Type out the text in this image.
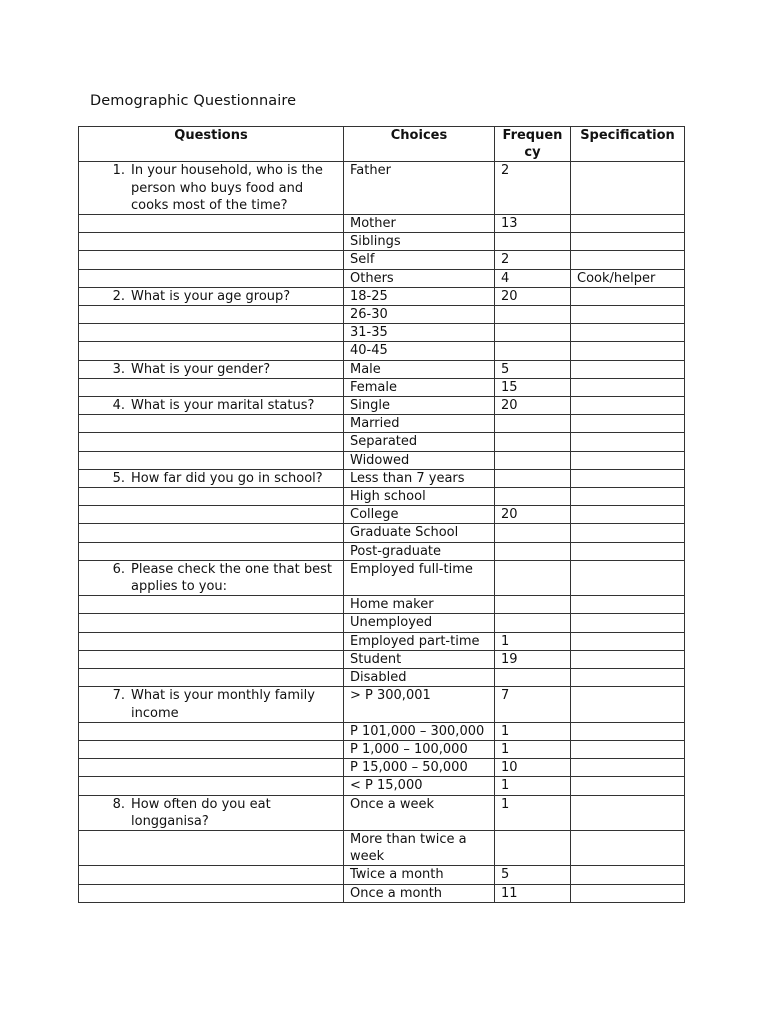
Demographic Questionnaire
Questions	Choices	Frequency	Specification

1. In your household, who is the person who buys food and cooks most of the time?	Father	2	
	Mother	13	
	Siblings		
	Self	2	
	Others	4	Cook/helper

2. What is your age group?	18-25	20	
	26-30		
	31-35		
	40-45		

3. What is your gender?	Male	5	
	Female	15	

4. What is your marital status?	Single	20	
	Married		
	Separated		
	Widowed		

5. How far did you go in school?	Less than 7 years		
	High school		
	College	20	
	Graduate School		
	Post-graduate		

6. Please check the one that best applies to you:	Employed full-time		
	Home maker		
	Unemployed		
	Employed part-time	1	
	Student	19	
	Disabled		

7. What is your monthly family income	> P 300,001	7	
	P 101,000 – 300,000	1	
	P 1,000 – 100,000	1	
	P 15,000 – 50,000	10	
	< P 15,000	1	

8. How often do you eat longganisa?	Once a week	1	
	More than twice a week		
	Twice a month	5	
	Once a month	11	
